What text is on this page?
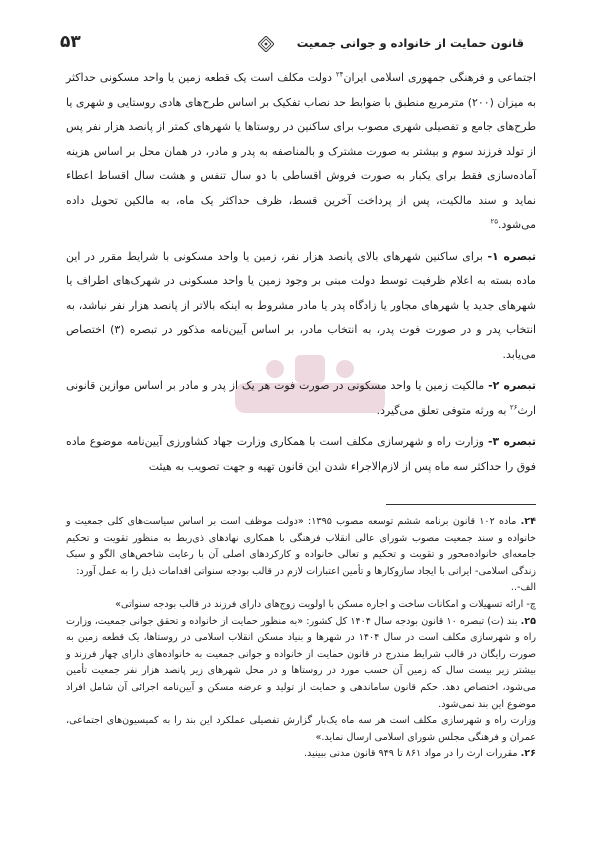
قانون حمایت از خانواده و جوانی جمعیت
۵۳

اجتماعی و فرهنگی جمهوری اسلامی ایران$^{۲۴}$ دولت مکلف است یک قطعه زمین یا واحد مسکونی حداکثر به میزان (۲۰۰) مترمربع منطبق با ضوابط حد نصاب تفکیک بر اساس طرح‌های هادی روستایی و شهری یا طرح‌های جامع و تفصیلی شهری مصوب برای ساکنین در روستاها یا شهرهای کمتر از پانصد هزار نفر پس از تولد فرزند سوم و بیشتر به صورت مشترک و بالمناصفه به پدر و مادر، در همان محل بر اساس هزینه آماده‌سازی فقط برای یکبار به صورت فروش اقساطی با دو سال تنفس و هشت سال اقساط اعطاء نماید و سند مالکیت، پس از پرداخت آخرین قسط، ظرف حداکثر یک ماه، به مالکین تحویل داده می‌شود.$^{۲۵}$

تبصره ۱- برای ساکنین شهرهای بالای پانصد هزار نفر، زمین یا واحد مسکونی با شرایط مقرر در این ماده بسته به اعلام ظرفیت توسط دولت مبنی بر وجود زمین یا واحد مسکونی در شهرک‌های اطراف یا شهرهای جدید یا شهرهای مجاور یا زادگاه پدر یا مادر مشروط به اینکه بالاتر از پانصد هزار نفر نباشد، به انتخاب پدر و در صورت فوت پدر، به انتخاب مادر، بر اساس آیین‌نامه مذکور در تبصره (۳) اختصاص می‌یابد.

تبصره ۲- مالکیت زمین یا واحد مسکونی در صورت فوت هر یک از پدر و مادر بر اساس موازین قانونی ارث$^{۲۶}$ به ورثه متوفی تعلق می‌گیرد.

تبصره ۳- وزارت راه و شهرسازی مکلف است با همکاری وزارت جهاد کشاورزی آیین‌نامه موضوع ماده فوق را حداکثر سه ماه پس از لازم‌الاجراء شدن این قانون تهیه و جهت تصویب به هیئت

۲۴. ماده ۱۰۲ قانون برنامه ششم توسعه مصوب ۱۳۹۵: «دولت موظف است بر اساس سیاست‌های کلی جمعیت و خانواده و سند جمعیت مصوب شورای عالی انقلاب فرهنگی با همکاری نهادهای ذی‌ربط به منظور تقویت و تحکیم جامعه‌ای خانواده‌محور و تقویت و تحکیم و تعالی خانواده و کارکردهای اصلی آن با رعایت شاخص‌های الگو و سبک زندگی اسلامی- ایرانی با ایجاد سازوکارها و تأمین اعتبارات لازم در قالب بودجه سنواتی اقدامات ذیل را به عمل آورد:

الف-..

چ- ارائه تسهیلات و امکانات ساخت و اجاره مسکن با اولویت زوج‌های دارای فرزند در قالب بودجه سنواتی»

۲۵. بند (ت) تبصره ۱۰ قانون بودجه سال ۱۴۰۴ کل کشور: «به منظور حمایت از خانواده و تحقق جوانی جمعیت، وزارت راه و شهرسازی مکلف است در سال ۱۴۰۴ در شهرها و بنیاد مسکن انقلاب اسلامی در روستاها، یک قطعه زمین به صورت رایگان در قالب شرایط مندرج در قانون حمایت از خانواده و جوانی جمعیت به خانواده‌های دارای چهار فرزند و بیشتر زیر بیست سال که زمین آن حسب مورد در روستاها و در محل شهرهای زیر پانصد هزار نفر جمعیت تأمین می‌شود، اختصاص دهد. حکم قانون ساماندهی و حمایت از تولید و عرضه مسکن و آیین‌نامه اجرائی آن شامل افراد موضوع این بند نمی‌شود.

وزارت راه و شهرسازی مکلف است هر سه ماه یک‌بار گزارش تفصیلی عملکرد این بند را به کمیسیون‌های اجتماعی، عمران و فرهنگی مجلس شورای اسلامی ارسال نماید.»

۲۶. مقررات ارث را در مواد ۸۶۱ تا ۹۴۹ قانون مدنی ببینید.
